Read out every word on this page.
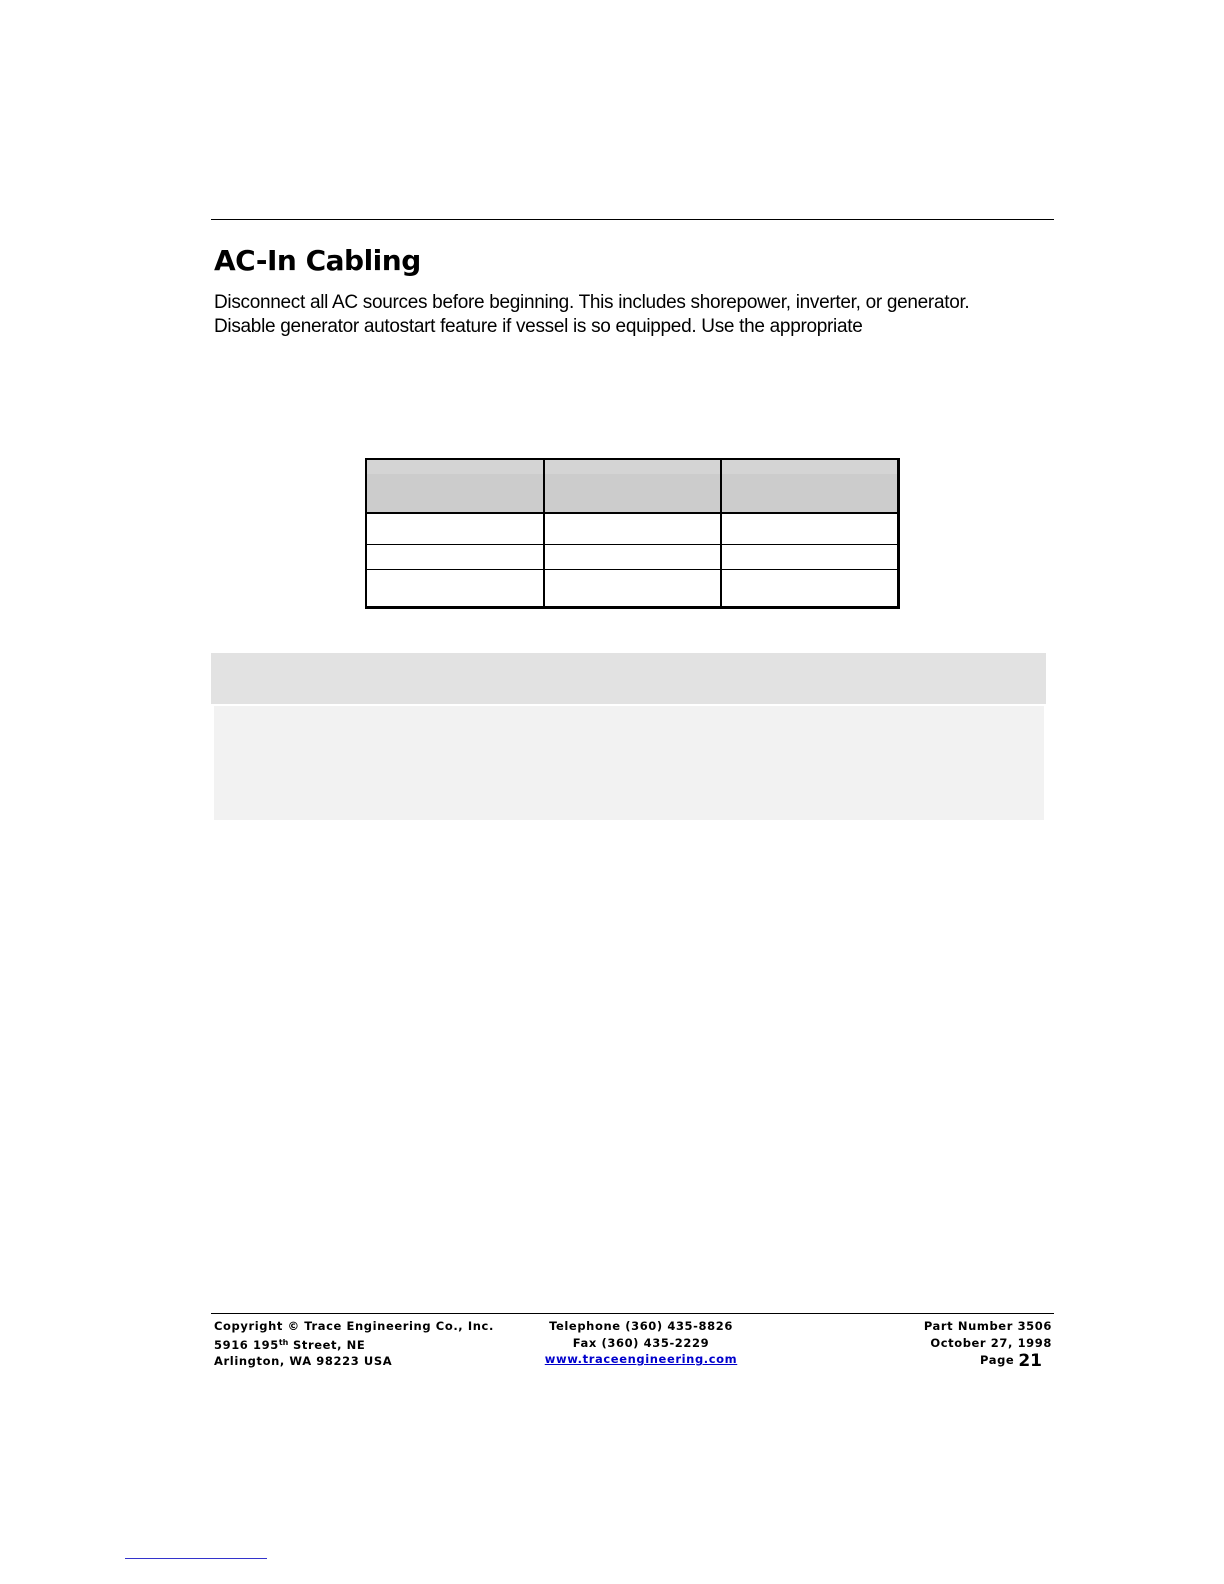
AC-In Cabling

Disconnect all AC sources before beginning. This includes shorepower, inverter, or generator.
Disable generator autostart feature if vessel is so equipped. Use the appropriate

Copyright © Trace Engineering Co., Inc.
5916 195th Street, NE
Arlington, WA 98223 USA
Telephone (360) 435-8826
Fax (360) 435-2229
www.traceengineering.com
Part Number 3506
October 27, 1998
Page 21
